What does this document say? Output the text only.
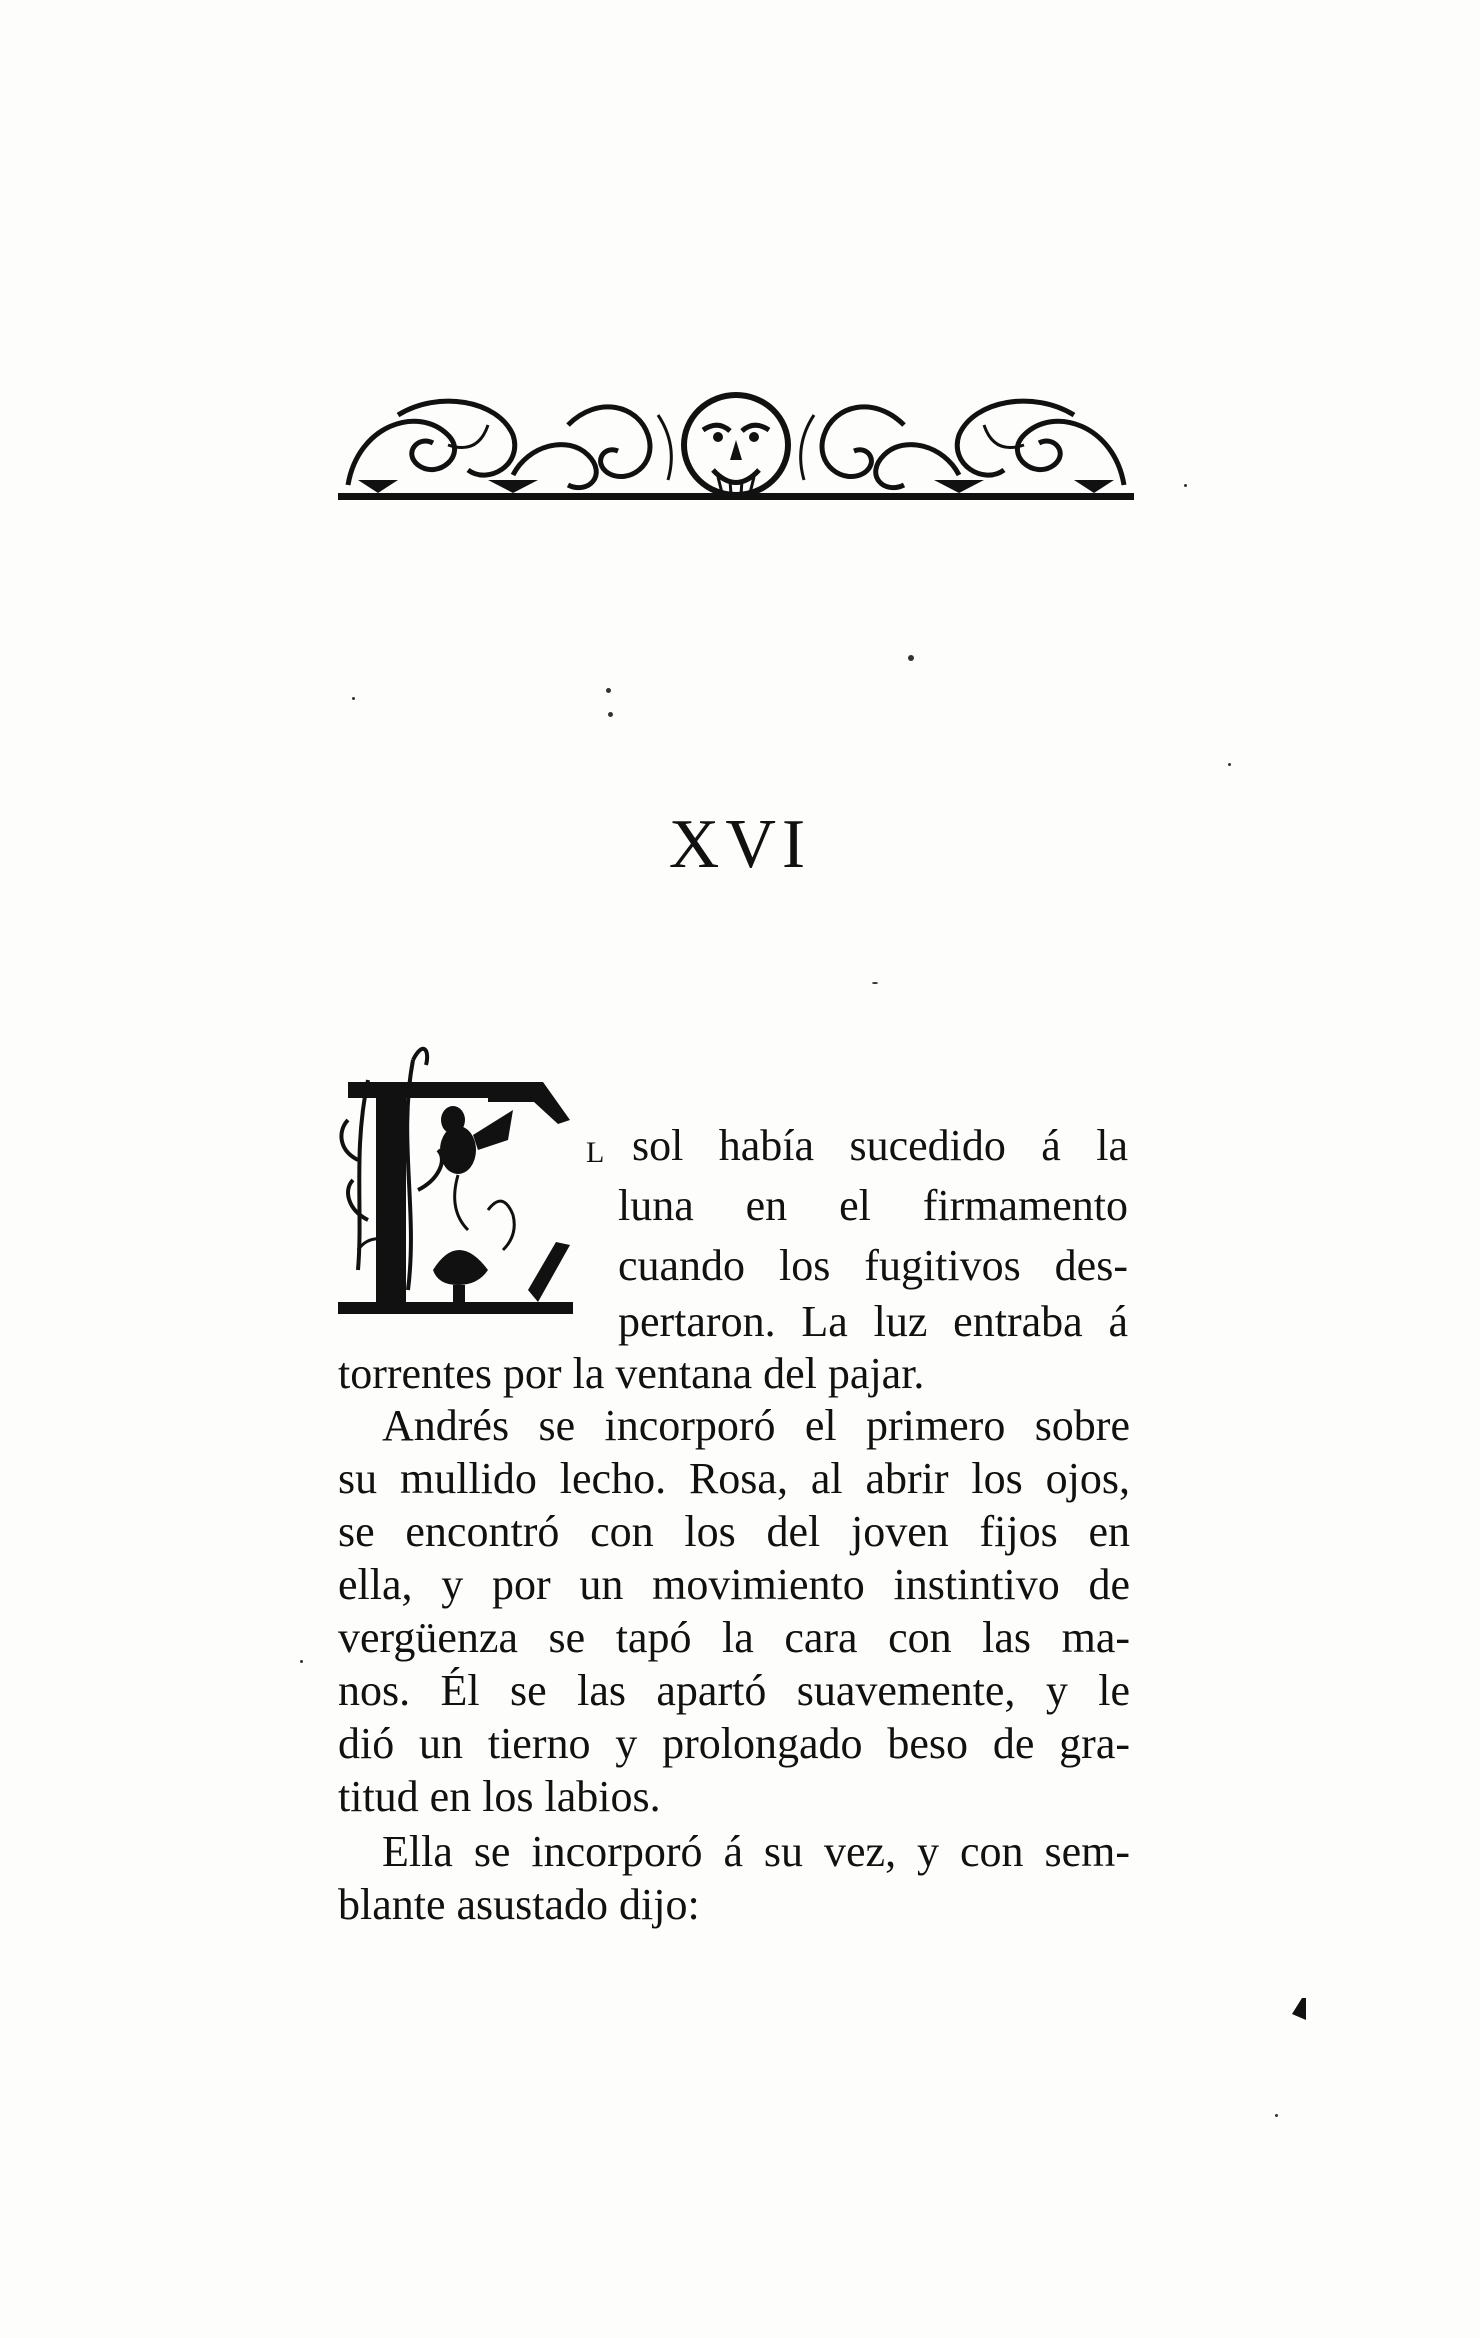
XVI
L sol había sucedido á la
luna en el firmamento
cuando los fugitivos des-
pertaron. La luz entraba á
torrentes por la ventana del pajar.
Andrés se incorporó el primero sobre
su mullido lecho. Rosa, al abrir los ojos,
se encontró con los del joven fijos en
ella, y por un movimiento instintivo de
vergüenza se tapó la cara con las ma-
nos. Él se las apartó suavemente, y le
dió un tierno y prolongado beso de gra-
titud en los labios.
Ella se incorporó á su vez, y con sem-
blante asustado dijo:
